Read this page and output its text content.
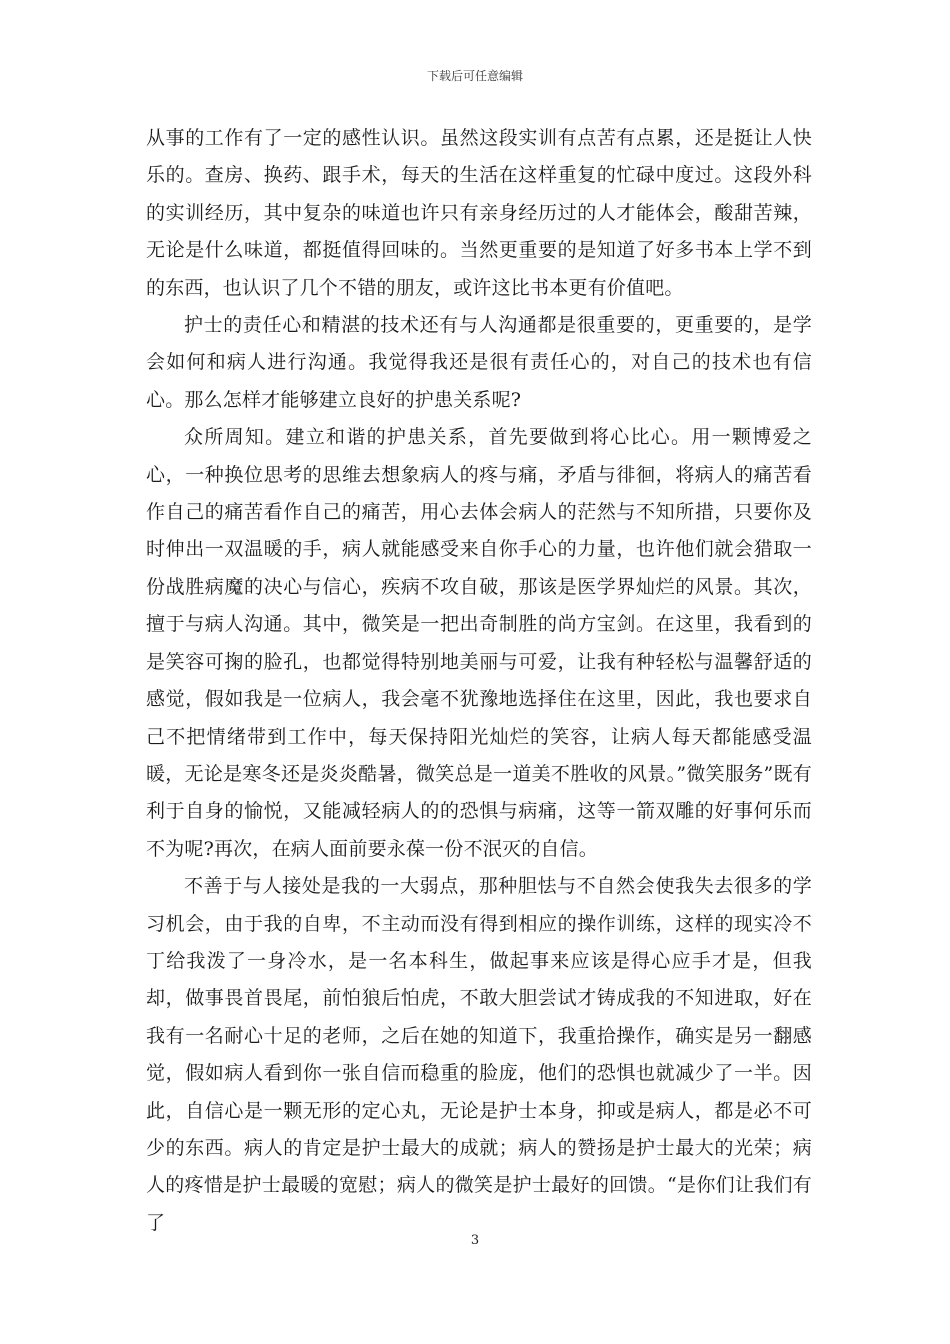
下载后可任意编辑

从事的工作有了一定的感性认识。虽然这段实训有点苦有点累，还是挺让人快乐的。查房、换药、跟手术，每天的生活在这样重复的忙碌中度过。这段外科的实训经历，其中复杂的味道也许只有亲身经历过的人才能体会，酸甜苦辣，无论是什么味道，都挺值得回味的。当然更重要的是知道了好多书本上学不到的东西，也认识了几个不错的朋友，或许这比书本更有价值吧。

护士的责任心和精湛的技术还有与人沟通都是很重要的，更重要的，是学会如何和病人进行沟通。我觉得我还是很有责任心的，对自己的技术也有信心。那么怎样才能够建立良好的护患关系呢?

众所周知。建立和谐的护患关系，首先要做到将心比心。用一颗博爱之心，一种换位思考的思维去想象病人的疼与痛，矛盾与徘徊，将病人的痛苦看作自己的痛苦看作自己的痛苦，用心去体会病人的茫然与不知所措，只要你及时伸出一双温暖的手，病人就能感受来自你手心的力量，也许他们就会猎取一份战胜病魔的决心与信心，疾病不攻自破，那该是医学界灿烂的风景。其次，擅于与病人沟通。其中，微笑是一把出奇制胜的尚方宝剑。在这里，我看到的是笑容可掬的脸孔，也都觉得特别地美丽与可爱，让我有种轻松与温馨舒适的感觉，假如我是一位病人，我会毫不犹豫地选择住在这里，因此，我也要求自己不把情绪带到工作中，每天保持阳光灿烂的笑容，让病人每天都能感受温暖，无论是寒冬还是炎炎酷暑，微笑总是一道美不胜收的风景。”微笑服务”既有利于自身的愉悦，又能减轻病人的的恐惧与病痛，这等一箭双雕的好事何乐而不为呢?再次，在病人面前要永葆一份不泯灭的自信。

不善于与人接处是我的一大弱点，那种胆怯与不自然会使我失去很多的学习机会，由于我的自卑，不主动而没有得到相应的操作训练，这样的现实冷不丁给我泼了一身冷水，是一名本科生，做起事来应该是得心应手才是，但我却，做事畏首畏尾，前怕狼后怕虎，不敢大胆尝试才铸成我的不知进取，好在我有一名耐心十足的老师，之后在她的知道下，我重拾操作，确实是另一翻感觉，假如病人看到你一张自信而稳重的脸庞，他们的恐惧也就减少了一半。因此，自信心是一颗无形的定心丸，无论是护士本身，抑或是病人，都是必不可少的东西。病人的肯定是护士最大的成就；病人的赞扬是护士最大的光荣；病人的疼惜是护士最暖的宽慰；病人的微笑是护士最好的回馈。“是你们让我们有了

3
